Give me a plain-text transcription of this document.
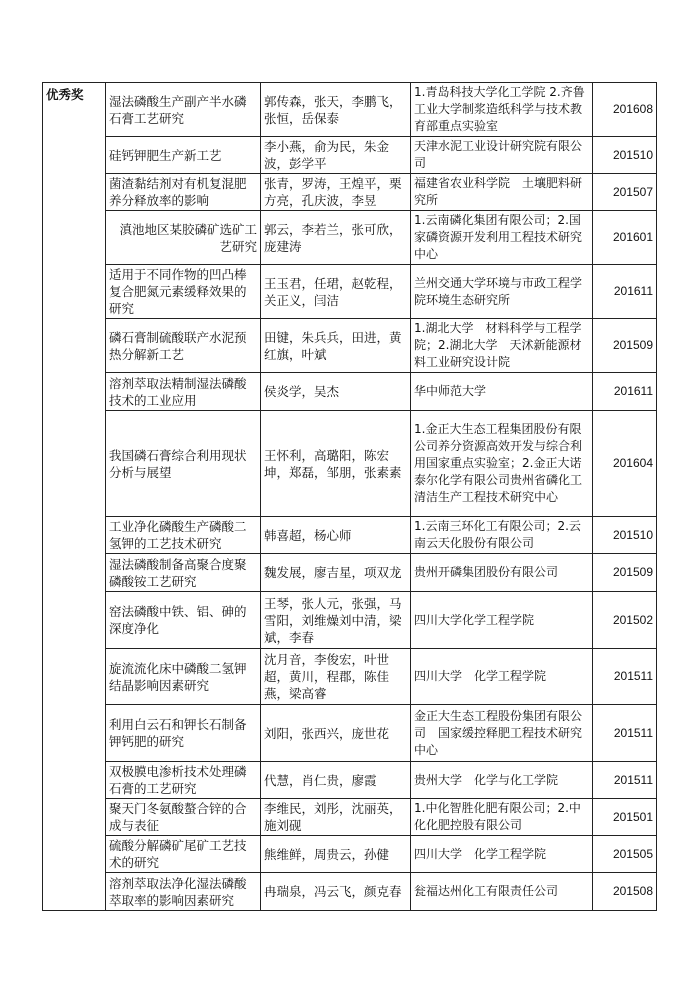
优秀奖	湿法磷酸生产副产半水磷石膏工艺研究	郭传森，张天，李鹏飞，张恒，岳保泰	1.青岛科技大学化工学院 2.齐鲁工业大学制浆造纸科学与技术教育部重点实验室	201608
	硅钙钾肥生产新工艺	李小燕，俞为民，朱金波，彭学平	天津水泥工业设计研究院有限公司	201510
	菌渣黏结剂对有机复混肥养分释放率的影响	张青，罗涛，王煌平，栗方亮，孔庆波，李昱	福建省农业科学院　土壤肥料研究所	201507
	滇池地区某胶磷矿选矿工艺研究	郭云，李若兰，张可欣，庞建涛	1.云南磷化集团有限公司；2.国家磷资源开发利用工程技术研究中心	201601
	适用于不同作物的凹凸棒复合肥氮元素缓释效果的研究	王玉君，任珺，赵乾程，关正义，闫洁	兰州交通大学环境与市政工程学院环境生态研究所	201611
	磷石膏制硫酸联产水泥预热分解新工艺	田键，朱兵兵，田进，黄红旗，叶斌	1.湖北大学　材料科学与工程学院；2.湖北大学　天沭新能源材料工业研究设计院	201509
	溶剂萃取法精制湿法磷酸技术的工业应用	侯炎学，吴杰	华中师范大学	201611
	我国磷石膏综合利用现状分析与展望	王怀利，高璐阳，陈宏坤，郑磊，邹朋，张素素	1.金正大生态工程集团股份有限公司养分资源高效开发与综合利用国家重点实验室；2.金正大诺泰尔化学有限公司贵州省磷化工清洁生产工程技术研究中心	201604
	工业净化磷酸生产磷酸二氢钾的工艺技术研究	韩喜超，杨心师	1.云南三环化工有限公司；2.云南云天化股份有限公司	201510
	湿法磷酸制备高聚合度聚磷酸铵工艺研究	魏发展，廖吉星，项双龙	贵州开磷集团股份有限公司	201509
	窑法磷酸中铁、铝、砷的深度净化	王琴，张人元，张强，马雪阳，刘维燥刘中清，梁斌，李春	四川大学化学工程学院	201502
	旋流流化床中磷酸二氢钾结晶影响因素研究	沈月音，李俊宏，叶世超，黄川，程郡，陈佳燕，梁高睿	四川大学　化学工程学院	201511
	利用白云石和钾长石制备钾钙肥的研究	刘阳，张西兴，庞世花	金正大生态工程股份集团有限公司　国家缓控释肥工程技术研究中心	201511
	双极膜电渗析技术处理磷石膏的工艺研究	代慧，肖仁贵，廖霞	贵州大学　化学与化工学院	201511
	聚天门冬氨酸螯合锌的合成与表征	李维民，刘彤，沈丽英，施刘砚	1.中化智胜化肥有限公司；2.中化化肥控股有限公司	201501
	硫酸分解磷矿尾矿工艺技术的研究	熊维鲜，周贵云，孙健	四川大学　化学工程学院	201505
	溶剂萃取法净化湿法磷酸萃取率的影响因素研究	冉瑞泉，冯云飞，颜克春	瓮福达州化工有限责任公司	201508
